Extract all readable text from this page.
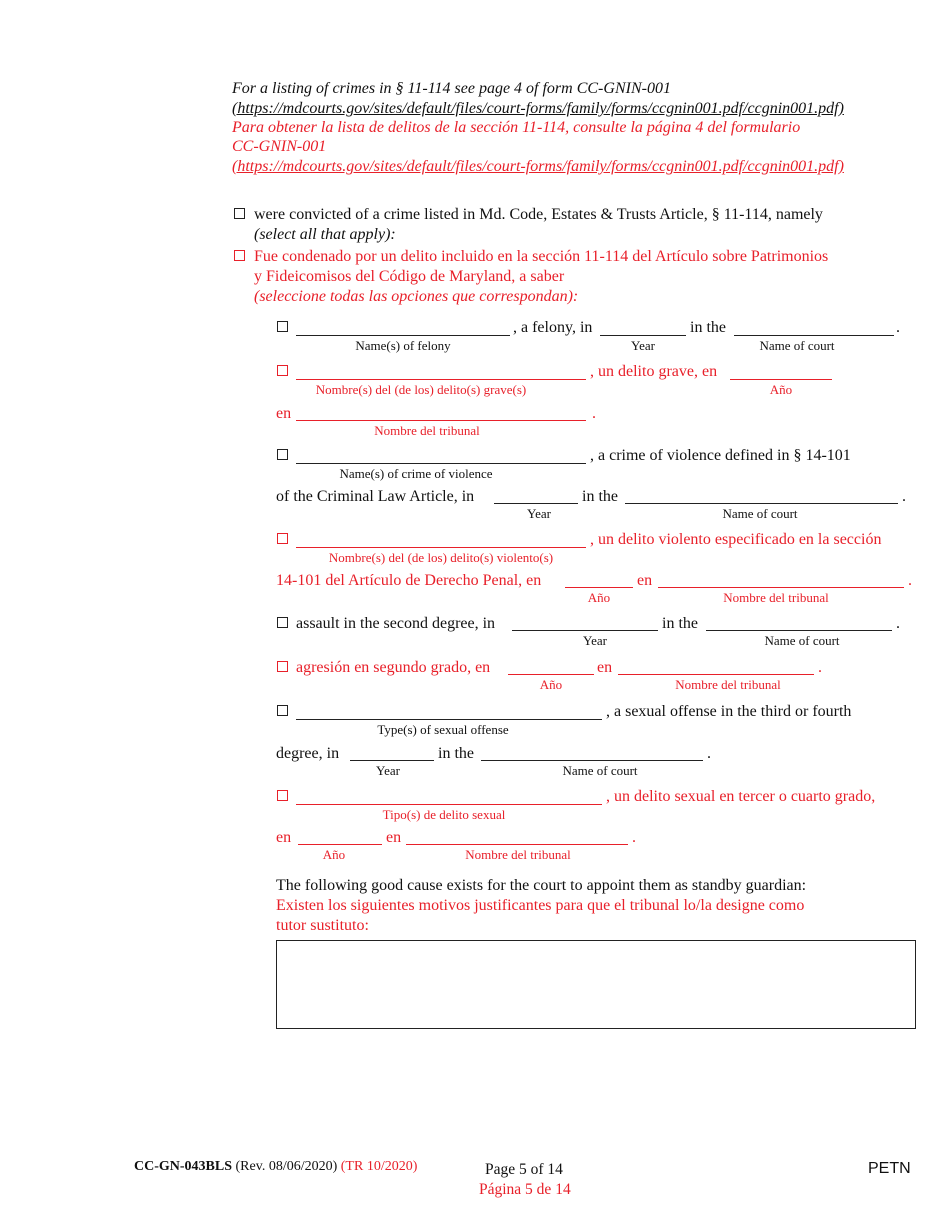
For a listing of crimes in § 11-114 see page 4 of form CC-GNIN-001
(https://mdcourts.gov/sites/default/files/court-forms/family/forms/ccgnin001.pdf/ccgnin001.pdf)
Para obtener la lista de delitos de la sección 11-114, consulte la página 4 del formulario
CC-GNIN-001
(https://mdcourts.gov/sites/default/files/court-forms/family/forms/ccgnin001.pdf/ccgnin001.pdf)
were convicted of a crime listed in Md. Code, Estates & Trusts Article, § 11-114, namely
(select all that apply):
Fue condenado por un delito incluido en la sección 11-114 del Artículo sobre Patrimonios
y Fideicomisos del Código de Maryland, a saber
(seleccione todas las opciones que correspondan):
, a felony, in	in the	.
Name(s) of felony	Year	Name of court
, un delito grave, en
Nombre(s) del (de los) delito(s) grave(s)	Año
en	.
Nombre del tribunal
, a crime of violence defined in § 14-101
Name(s) of crime of violence
of the Criminal Law Article, in	in the	.
Year	Name of court
, un delito violento especificado en la sección
Nombre(s) del (de los) delito(s) violento(s)
14-101 del Artículo de Derecho Penal, en	en	.
Año	Nombre del tribunal
assault in the second degree, in	in the	.
Year	Name of court
agresión en segundo grado, en	en	.
Año	Nombre del tribunal
, a sexual offense in the third or fourth
Type(s) of sexual offense
degree, in	in the	.
Year	Name of court
, un delito sexual en tercer o cuarto grado,
Tipo(s) de delito sexual
en	en	.
Año	Nombre del tribunal
The following good cause exists for the court to appoint them as standby guardian:
Existen los siguientes motivos justificantes para que el tribunal lo/la designe como
tutor sustituto:
CC-GN-043BLS (Rev. 08/06/2020) (TR 10/2020)	Page 5 of 14
Página 5 de 14
PETN
